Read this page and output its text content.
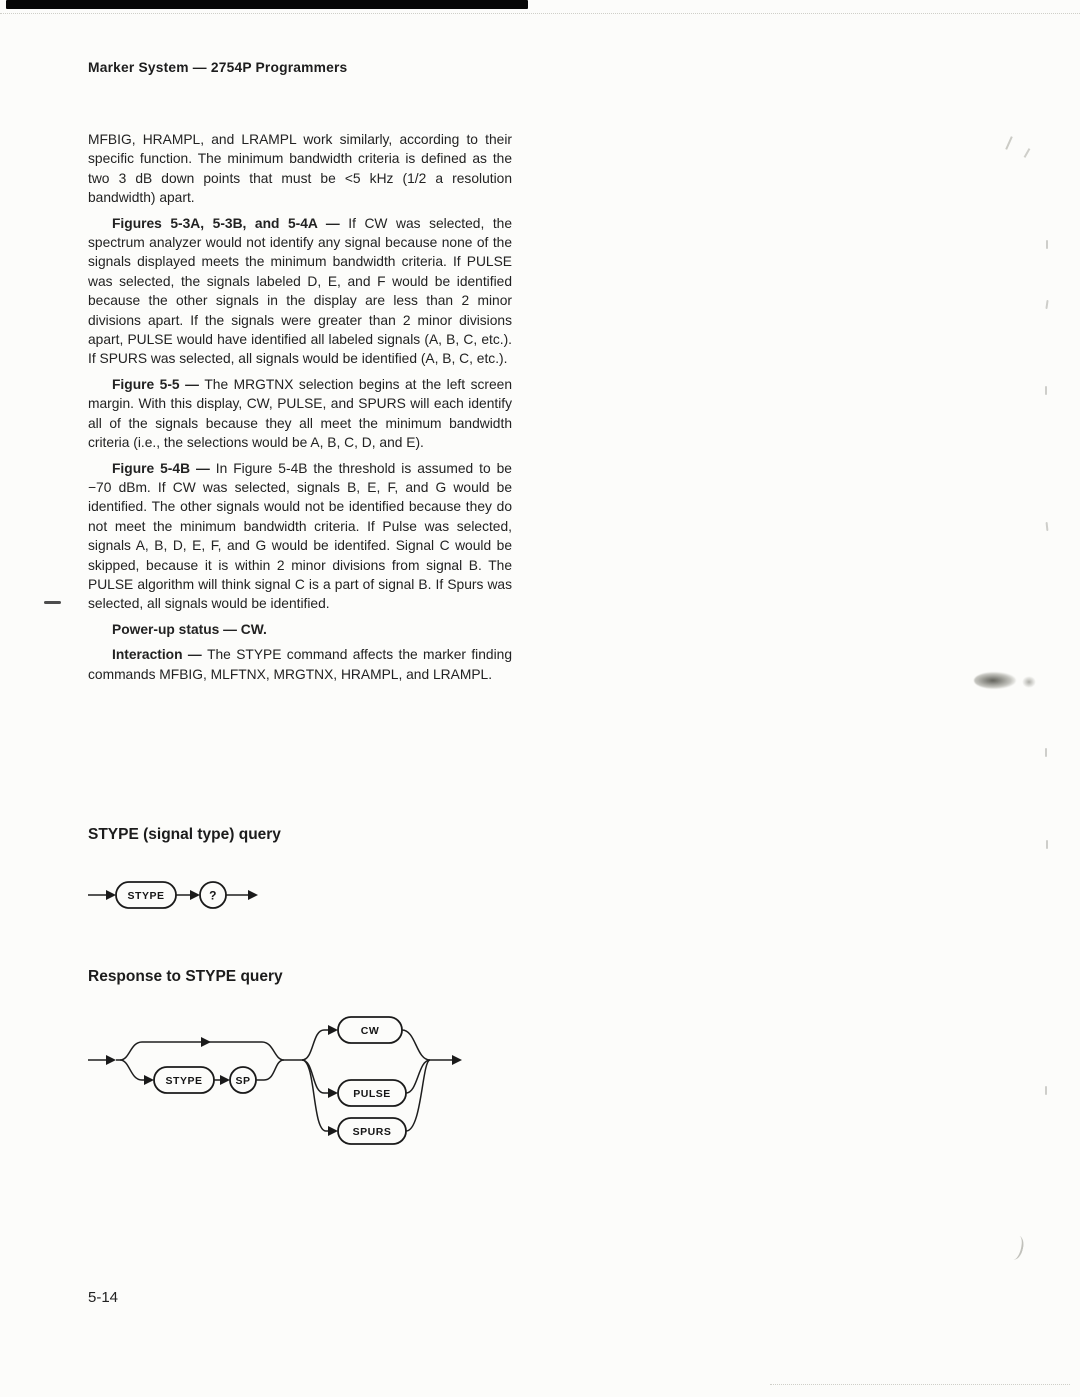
Marker System — 2754P Programmers

MFBIG, HRAMPL, and LRAMPL work similarly, according to their specific function. The minimum bandwidth criteria is defined as the two 3 dB down points that must be <5 kHz (1/2 a resolution bandwidth) apart.

Figures 5-3A, 5-3B, and 5-4A — If CW was selected, the spectrum analyzer would not identify any signal because none of the signals displayed meets the minimum bandwidth criteria. If PULSE was selected, the signals labeled D, E, and F would be identified because the other signals in the display are less than 2 minor divisions apart. If the signals were greater than 2 minor divisions apart, PULSE would have identified all labeled signals (A, B, C, etc.). If SPURS was selected, all signals would be identified (A, B, C, etc.).

Figure 5-5 — The MRGTNX selection begins at the left screen margin. With this display, CW, PULSE, and SPURS will each identify all of the signals because they all meet the minimum bandwidth criteria (i.e., the selections would be A, B, C, D, and E).

Figure 5-4B — In Figure 5-4B the threshold is assumed to be −70 dBm. If CW was selected, signals B, E, F, and G would be identified. The other signals would not be identified because they do not meet the minimum bandwidth criteria. If Pulse was selected, signals A, B, D, E, F, and G would be identifed. Signal C would be skipped, because it is within 2 minor divisions from signal B. The PULSE algorithm will think signal C is a part of signal B. If Spurs was selected, all signals would be identified.

Power-up status — CW.

Interaction — The STYPE command affects the marker finding commands MFBIG, MLFTNX, MRGTNX, HRAMPL, and LRAMPL.

STYPE (signal type) query
STYPE	?
Response to STYPE query
STYPE	SP
CW
PULSE
SPURS
5-14
